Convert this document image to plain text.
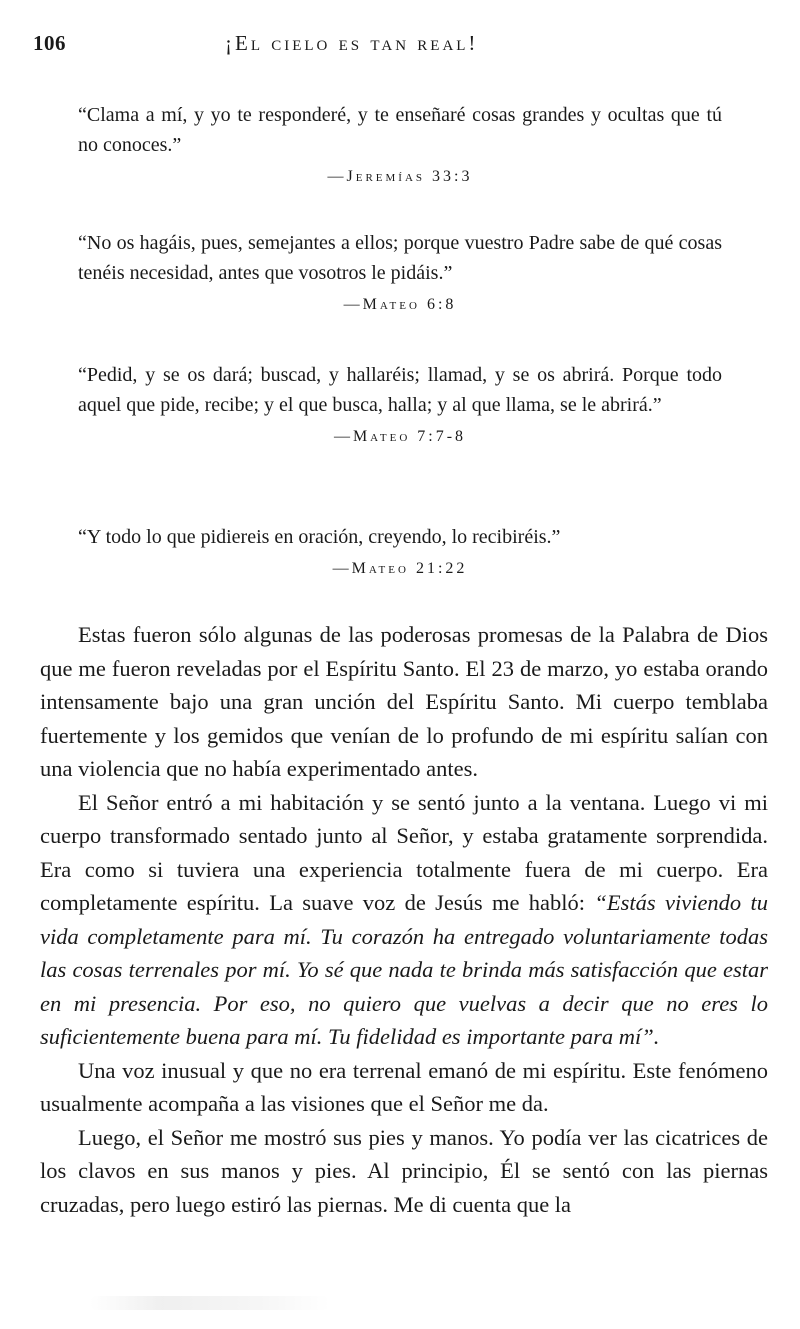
106	¡El cielo es tan real!

“Clama a mí, y yo te responderé, y te enseñaré cosas grandes y ocultas que tú no conoces.”

—Jeremías 33:3

“No os hagáis, pues, semejantes a ellos; porque vuestro Padre sabe de qué cosas tenéis necesidad, antes que vosotros le pidáis.”

—Mateo 6:8

“Pedid, y se os dará; buscad, y hallaréis; llamad, y se os abrirá. Porque todo aquel que pide, recibe; y el que busca, halla; y al que llama, se le abrirá.”

—Mateo 7:7-8

“Y todo lo que pidiereis en oración, creyendo, lo recibiréis.”

—Mateo 21:22

Estas fueron sólo algunas de las poderosas promesas de la Palabra de Dios que me fueron reveladas por el Espíritu Santo. El 23 de marzo, yo estaba orando intensamente bajo una gran unción del Espíritu Santo. Mi cuerpo temblaba fuertemente y los gemidos que venían de lo profundo de mi espíritu salían con una violencia que no había experimentado antes.

El Señor entró a mi habitación y se sentó junto a la ventana. Luego vi mi cuerpo transformado sentado junto al Señor, y estaba gratamente sorprendida. Era como si tuviera una experiencia totalmente fuera de mi cuerpo. Era completamente espíritu. La suave voz de Jesús me habló: “Estás viviendo tu vida completamente para mí. Tu corazón ha entregado voluntariamente todas las cosas terrenales por mí. Yo sé que nada te brinda más satisfacción que estar en mi presencia. Por eso, no quiero que vuelvas a decir que no eres lo suficientemente buena para mí. Tu fidelidad es importante para mí”.

Una voz inusual y que no era terrenal emanó de mi espíritu. Este fenómeno usualmente acompaña a las visiones que el Señor me da.

Luego, el Señor me mostró sus pies y manos. Yo podía ver las cicatrices de los clavos en sus manos y pies. Al principio, Él se sentó con las piernas cruzadas, pero luego estiró las piernas. Me di cuenta que la
